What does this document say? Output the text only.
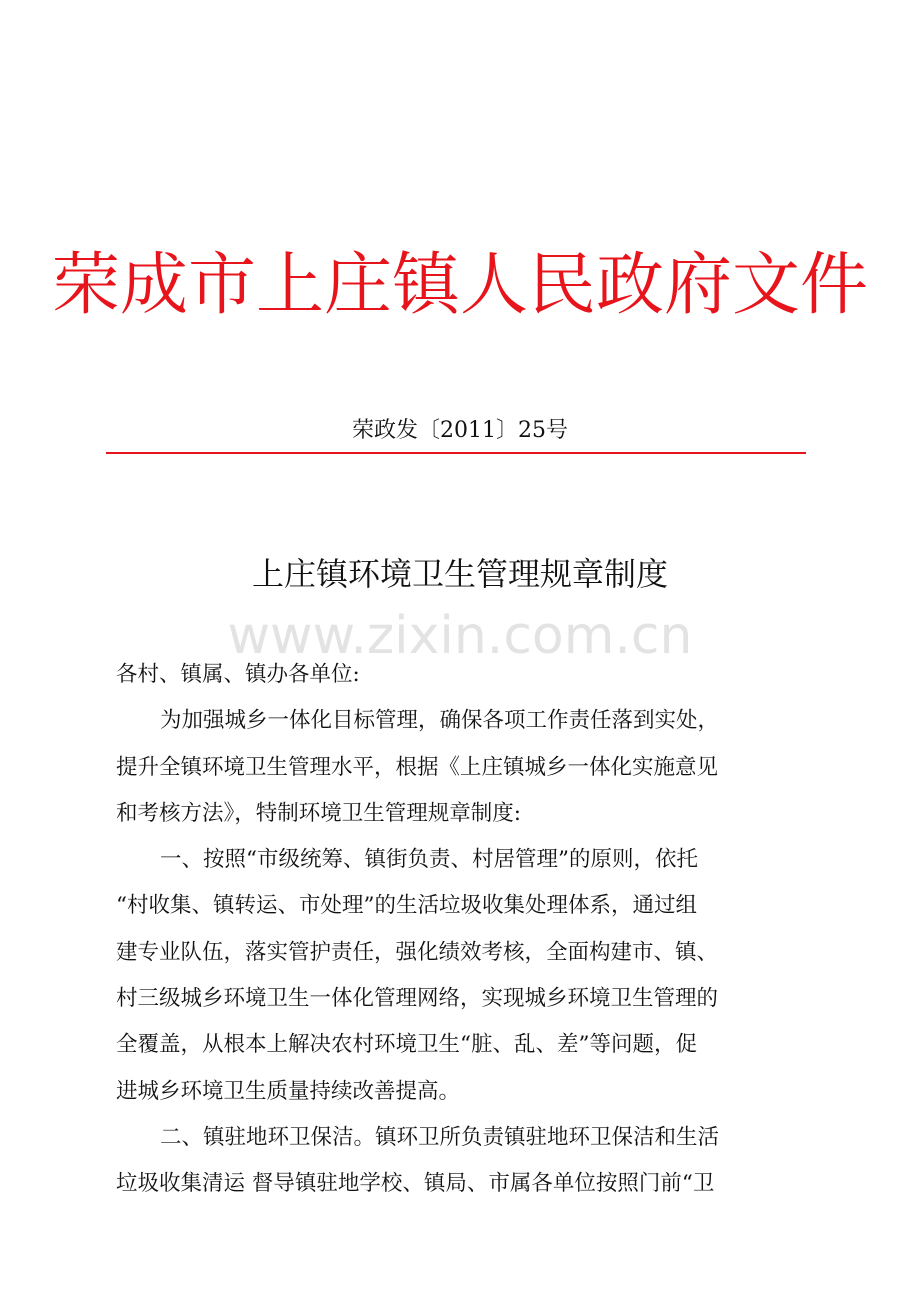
荣成市上庄镇人民政府文件
荣政发〔2011〕25号
上庄镇环境卫生管理规章制度
www.zixin.com.cn
各村、镇属、镇办各单位:
为加强城乡一体化目标管理，确保各项工作责任落到实处，
提升全镇环境卫生管理水平，根据《上庄镇城乡一体化实施意见
和考核方法》，特制环境卫生管理规章制度:
一、按照“市级统筹、镇街负责、村居管理”的原则，依托
“村收集、镇转运、市处理”的生活垃圾收集处理体系，通过组
建专业队伍，落实管护责任，强化绩效考核，全面构建市、镇、
村三级城乡环境卫生一体化管理网络，实现城乡环境卫生管理的
全覆盖，从根本上解决农村环境卫生“脏、乱、差”等问题，促
进城乡环境卫生质量持续改善提高。
二、镇驻地环卫保洁。镇环卫所负责镇驻地环卫保洁和生活
垃圾收集清运 督导镇驻地学校、镇局、市属各单位按照门前“卫
